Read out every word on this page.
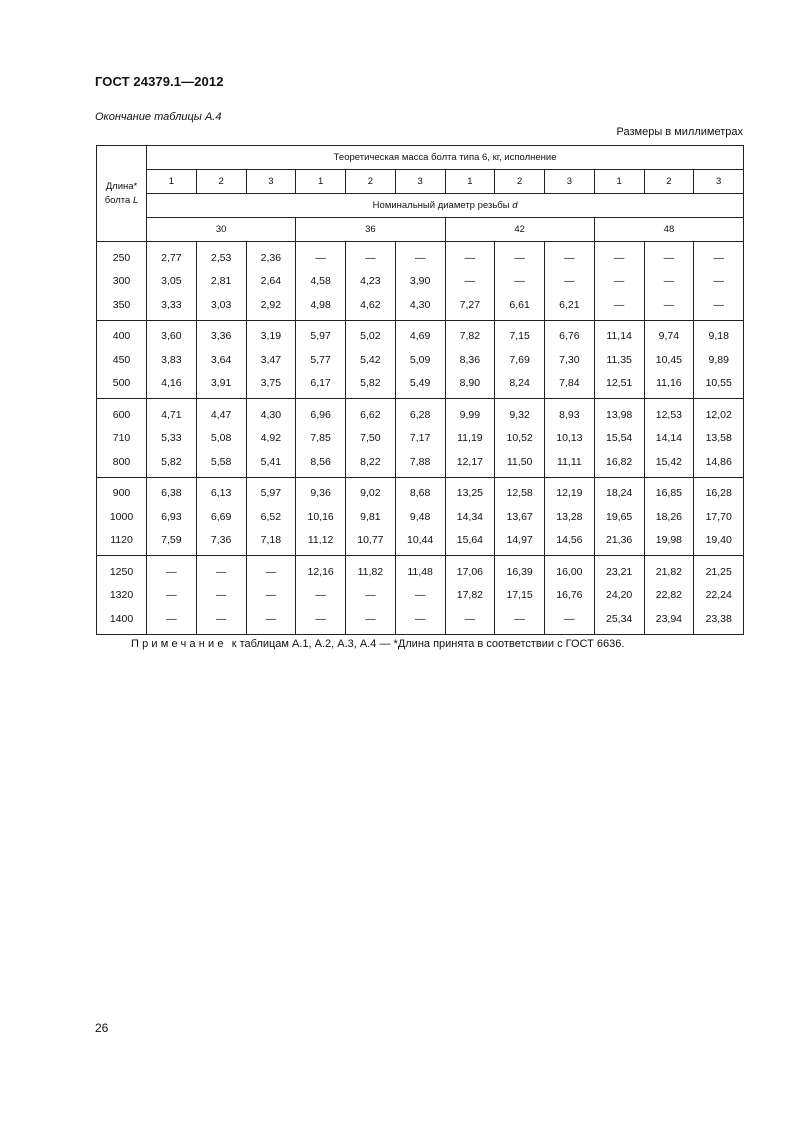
ГОСТ 24379.1—2012
Окончание таблицы А.4
Размеры в миллиметрах
Длина* болта L	Теоретическая масса болта типа 6, кг, исполнение											
	1	2	3	1	2	3	1	2	3	1	2	3
	Номинальный диаметр резьбы d											
	30			36			42			48		
250	2,77	2,53	2,36	—	—	—	—	—	—	—	—	—
300	3,05	2,81	2,64	4,58	4,23	3,90	—	—	—	—	—	—
350	3,33	3,03	2,92	4,98	4,62	4,30	7,27	6,61	6,21	—	—	—
400	3,60	3,36	3,19	5,97	5,02	4,69	7,82	7,15	6,76	11,14	9,74	9,18
450	3,83	3,64	3,47	5,77	5,42	5,09	8,36	7,69	7,30	11,35	10,45	9,89
500	4,16	3,91	3,75	6,17	5,82	5,49	8,90	8,24	7,84	12,51	11,16	10,55
600	4,71	4,47	4,30	6,96	6,62	6,28	9,99	9,32	8,93	13,98	12,53	12,02
710	5,33	5,08	4,92	7,85	7,50	7,17	11,19	10,52	10,13	15,54	14,14	13,58
800	5,82	5,58	5,41	8,56	8,22	7,88	12,17	11,50	11,11	16,82	15,42	14,86
900	6,38	6,13	5,97	9,36	9,02	8,68	13,25	12,58	12,19	18,24	16,85	16,28
1000	6,93	6,69	6,52	10,16	9,81	9,48	14,34	13,67	13,28	19,65	18,26	17,70
1120	7,59	7,36	7,18	11,12	10,77	10,44	15,64	14,97	14,56	21,36	19,98	19,40
1250	—	—	—	12,16	11,82	11,48	17,06	16,39	16,00	23,21	21,82	21,25
1320	—	—	—	—	—	—	17,82	17,15	16,76	24,20	22,82	22,24
1400	—	—	—	—	—	—	—	—	—	25,34	23,94	23,38
Примечание к таблицам А.1, А.2, А.3, А.4 — *Длина принята в соответствии с ГОСТ 6636.
26
